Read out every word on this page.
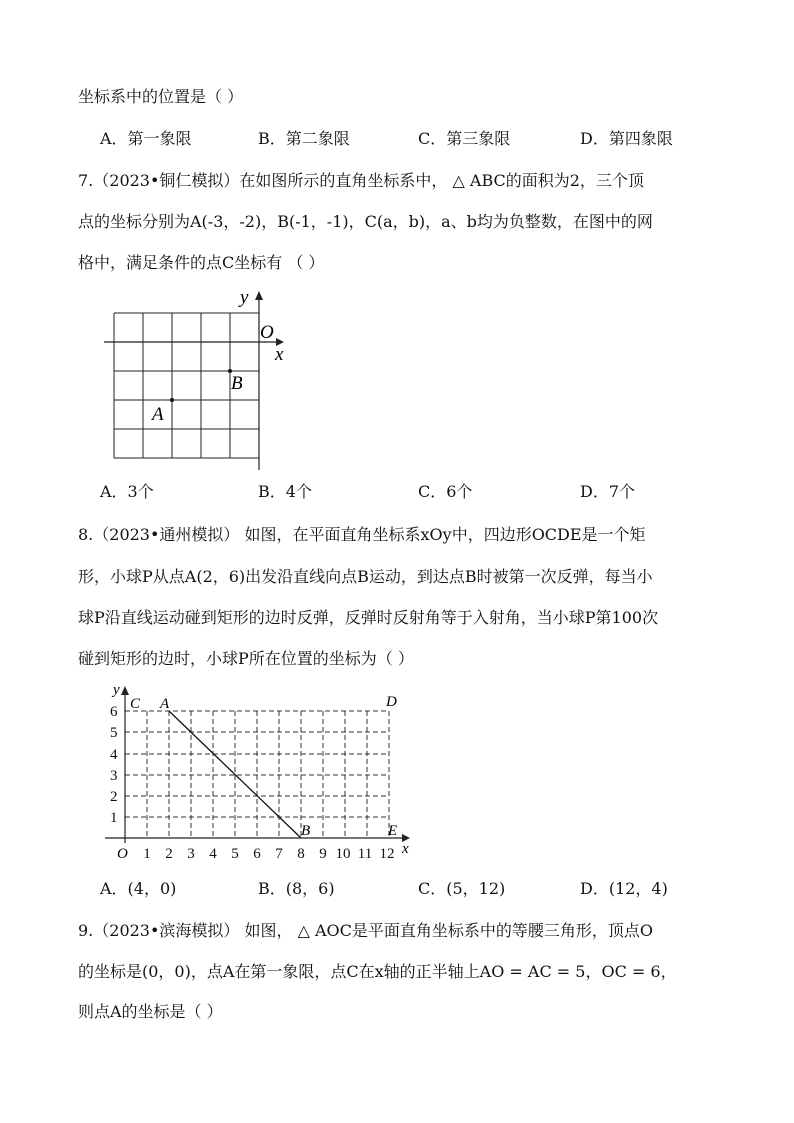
坐标系中的位置是（ ）
A．第一象限	B．第二象限	C．第三象限	D．第四象限
7.（2023•铜仁模拟）在如图所示的直角坐标系中， △ ABC的面积为2，三个顶
点的坐标分别为A(-3，-2)，B(-1，-1)，C(a，b)，a、b均为负整数，在图中的网
格中，满足条件的点C坐标有 （ ）
y
O
x
A
B
A．3个	B．4个	C．6个	D．7个
8.（2023•通州模拟） 如图，在平面直角坐标系xOy中，四边形OCDE是一个矩
形，小球P从点A(2，6)出发沿直线向点B运动，到达点B时被第一次反弹，每当小
球P沿直线运动碰到矩形的边时反弹，反弹时反射角等于入射角，当小球P第100次
碰到矩形的边时，小球P所在位置的坐标为（ ）
6
5
4
3
2
1
1 2 3 4 5 6 7 8 9 10 11 12
O
y
x
C A	D
B	E
A．(4，0)	B．(8，6)	C．(5，12)	D．(12，4)
9.（2023•滨海模拟） 如图， △ AOC是平面直角坐标系中的等腰三角形，顶点O
的坐标是(0，0)，点A在第一象限，点C在x轴的正半轴上AO = AC = 5，OC = 6，
则点A的坐标是（ ）
